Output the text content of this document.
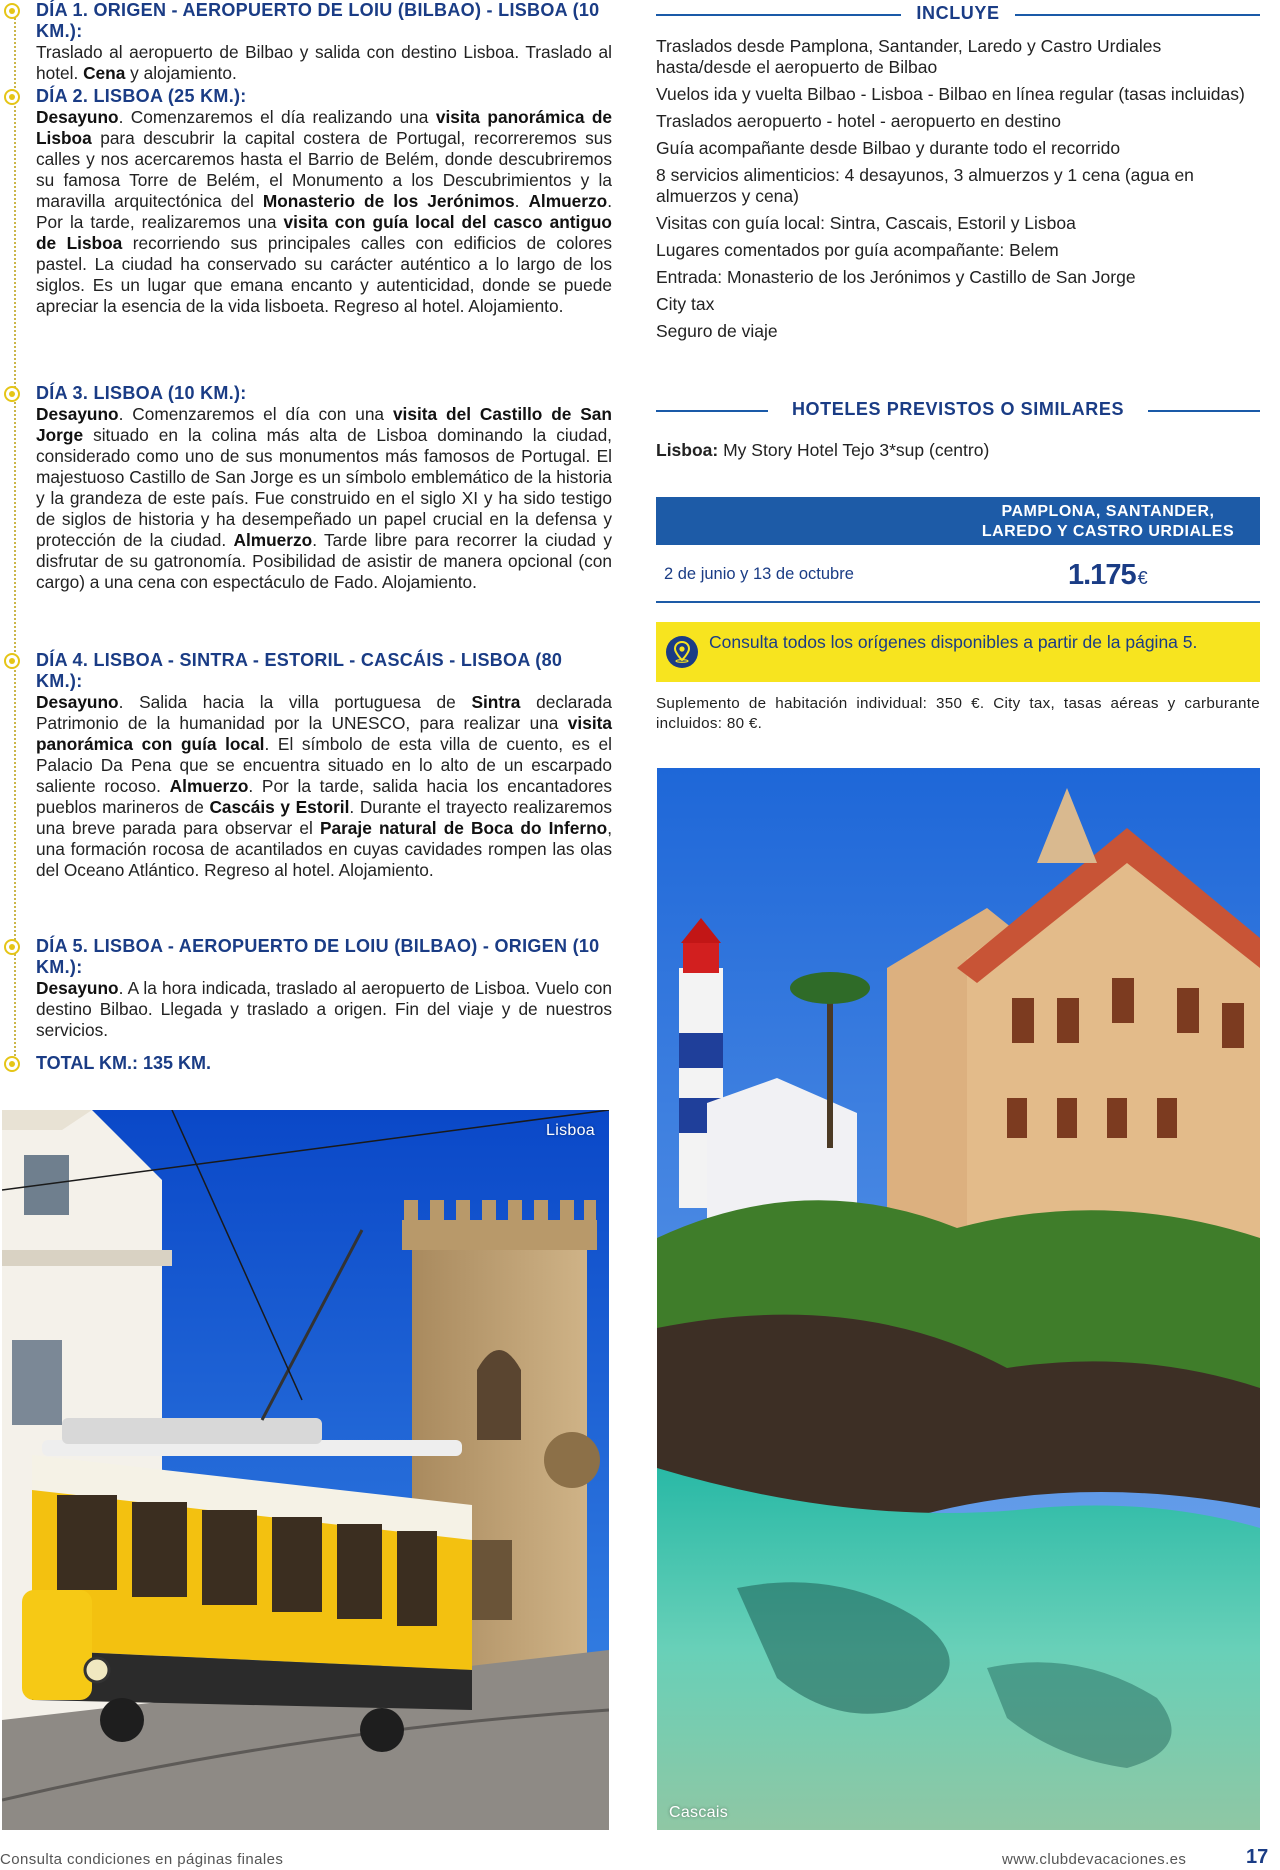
DÍA 1. ORIGEN - AEROPUERTO DE LOIU (BILBAO) - LISBOA (10 KM.):

Traslado al aeropuerto de Bilbao y salida con destino Lisboa. Traslado al hotel. Cena y alojamiento.

DÍA 2. LISBOA (25 KM.):

Desayuno. Comenzaremos el día realizando una visita panorámica de Lisboa para descubrir la capital costera de Portugal, recorreremos sus calles y nos acercaremos hasta el Barrio de Belém, donde descubriremos su famosa Torre de Belém, el Monumento a los Descubrimientos y la maravilla arquitectónica del Monasterio de los Jerónimos. Almuerzo. Por la tarde, realizaremos una visita con guía local del casco antiguo de Lisboa recorriendo sus principales calles con edificios de colores pastel. La ciudad ha conservado su carácter auténtico a lo largo de los siglos. Es un lugar que emana encanto y autenticidad, donde se puede apreciar la esencia de la vida lisboeta. Regreso al hotel. Alojamiento.

DÍA 3. LISBOA (10 KM.):

Desayuno. Comenzaremos el día con una visita del Castillo de San Jorge situado en la colina más alta de Lisboa dominando la ciudad, considerado como uno de sus monumentos más famosos de Portugal. El majestuoso Castillo de San Jorge es un símbolo emblemático de la historia y la grandeza de este país. Fue construido en el siglo XI y ha sido testigo de siglos de historia y ha desempeñado un papel crucial en la defensa y protección de la ciudad. Almuerzo. Tarde libre para recorrer la ciudad y disfrutar de su gatronomía. Posibilidad de asistir de manera opcional (con cargo) a una cena con espectáculo de Fado. Alojamiento.

DÍA 4. LISBOA - SINTRA - ESTORIL - CASCÁIS - LISBOA (80 KM.):

Desayuno. Salida hacia la villa portuguesa de Sintra declarada Patrimonio de la humanidad por la UNESCO, para realizar una visita panorámica con guía local. El símbolo de esta villa de cuento, es el Palacio Da Pena que se encuentra situado en lo alto de un escarpado saliente rocoso. Almuerzo. Por la tarde, salida hacia los encantadores pueblos marineros de Cascáis y Estoril. Durante el trayecto realizaremos una breve parada para observar el Paraje natural de Boca do Inferno, una formación rocosa de acantilados en cuyas cavidades rompen las olas del Oceano Atlántico. Regreso al hotel. Alojamiento.

DÍA 5. LISBOA - AEROPUERTO DE LOIU (BILBAO) - ORIGEN (10 KM.):

Desayuno. A la hora indicada, traslado al aeropuerto de Lisboa. Vuelo con destino Bilbao. Llegada y traslado a origen. Fin del viaje y de nuestros servicios.

TOTAL KM.: 135 KM.

INCLUYE
Traslados desde Pamplona, Santander, Laredo y Castro Urdiales hasta/desde el aeropuerto de Bilbao
Vuelos ida y vuelta Bilbao - Lisboa - Bilbao en línea regular (tasas incluidas)
Traslados aeropuerto - hotel - aeropuerto en destino
Guía acompañante desde Bilbao y durante todo el recorrido
8 servicios alimenticios: 4 desayunos, 3 almuerzos y 1 cena (agua en almuerzos y cena)
Visitas con guía local: Sintra, Cascais, Estoril y Lisboa
Lugares comentados por guía acompañante: Belem
Entrada: Monasterio de los Jerónimos y Castillo de San Jorge
City tax
Seguro de viaje
HOTELES PREVISTOS O SIMILARES
Lisboa: My Story Hotel Tejo 3*sup (centro)
PAMPLONA, SANTANDER, LAREDO Y CASTRO URDIALES
2 de junio y 13 de octubre	1.175 €
Consulta todos los orígenes disponibles a partir de la página 5.
Suplemento de habitación individual: 350 €. City tax, tasas aéreas y carburante incluidos: 80 €.
Lisboa
Cascais
Consulta condiciones en páginas finales	www.clubdevacaciones.es	17
